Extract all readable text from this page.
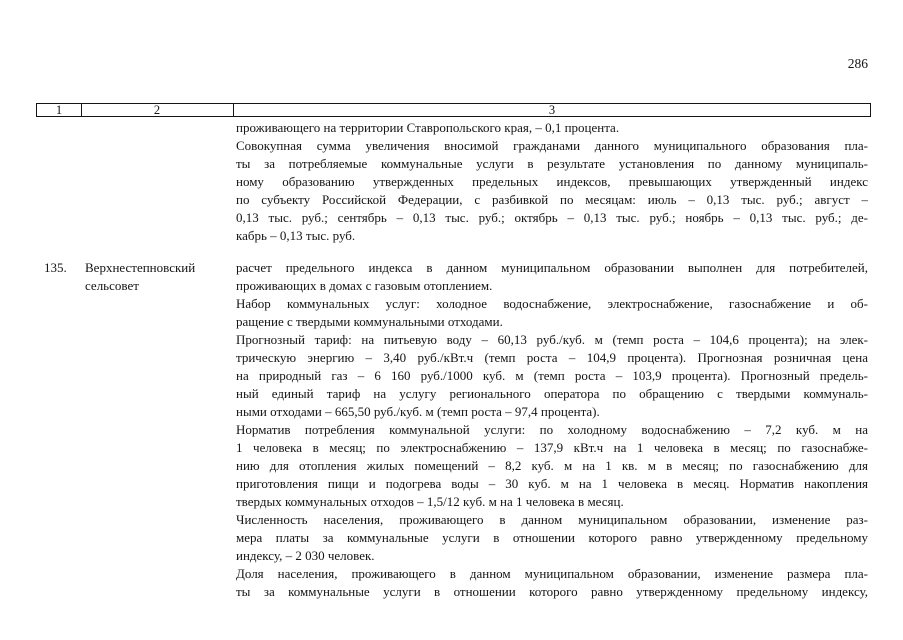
286
1	2	3
проживающего на территории Ставропольского края, – 0,1 процента.
Совокупная сумма увеличения вносимой гражданами данного муниципального образования пла-
ты за потребляемые коммунальные услуги в результате установления по данному муниципаль-
ному образованию утвержденных предельных индексов, превышающих утвержденный индекс
по субъекту Российской Федерации, с разбивкой по месяцам: июль – 0,13 тыс. руб.; август –
0,13 тыс. руб.; сентябрь – 0,13 тыс. руб.; октябрь – 0,13 тыс. руб.; ноябрь – 0,13 тыс. руб.; де-
кабрь – 0,13 тыс. руб.
135. Верхнестепновский
сельсовет
расчет предельного индекса в данном муниципальном образовании выполнен для потребителей,
проживающих в домах с газовым отоплением.
Набор коммунальных услуг: холодное водоснабжение, электроснабжение, газоснабжение и об-
ращение с твердыми коммунальными отходами.
Прогнозный тариф: на питьевую воду – 60,13 руб./куб. м (темп роста – 104,6 процента); на элек-
трическую энергию – 3,40 руб./кВт.ч (темп роста – 104,9 процента). Прогнозная розничная цена
на природный газ – 6 160 руб./1000 куб. м (темп роста – 103,9 процента). Прогнозный предель-
ный единый тариф на услугу регионального оператора по обращению с твердыми коммуналь-
ными отходами – 665,50 руб./куб. м (темп роста – 97,4 процента).
Норматив потребления коммунальной услуги: по холодному водоснабжению – 7,2 куб. м на
1 человека в месяц; по электроснабжению – 137,9 кВт.ч на 1 человека в месяц; по газоснабже-
нию для отопления жилых помещений – 8,2 куб. м на 1 кв. м в месяц; по газоснабжению для
приготовления пищи и подогрева воды – 30 куб. м на 1 человека в месяц. Норматив накопления
твердых коммунальных отходов – 1,5/12 куб. м на 1 человека в месяц.
Численность населения, проживающего в данном муниципальном образовании, изменение раз-
мера платы за коммунальные услуги в отношении которого равно утвержденному предельному
индексу, – 2 030 человек.
Доля населения, проживающего в данном муниципальном образовании, изменение размера пла-
ты за коммунальные услуги в отношении которого равно утвержденному предельному индексу,
